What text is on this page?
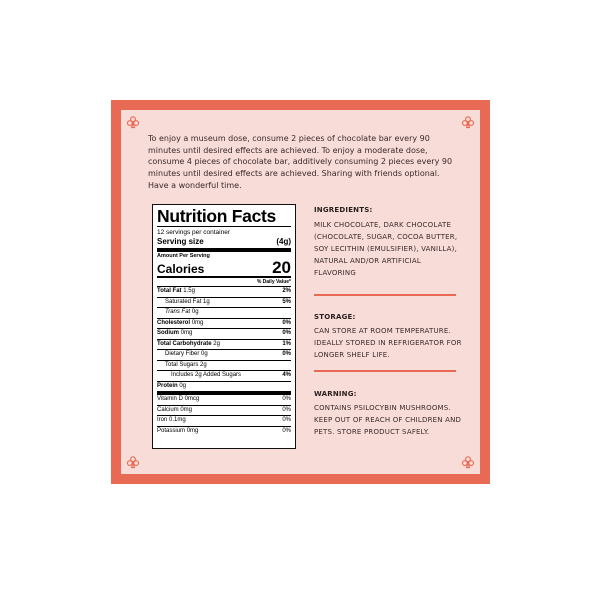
To enjoy a museum dose, consume 2 pieces of chocolate bar every 90 minutes until desired effects are achieved. To enjoy a moderate dose, consume 4 pieces of chocolate bar, additively consuming 2 pieces every 90 minutes until desired effects are achieved. Sharing with friends optional. Have a wonderful time.
Nutrition Facts
12 servings per container
Serving size	(4g)
Amount Per Serving
Calories	20
% Daily Value*
Total Fat 1.5g	2%
Saturated Fat 1g	5%
Trans Fat 0g
Cholesterol 0mg	0%
Sodium 0mg	0%
Total Carbohydrate 2g	1%
Dietary Fiber 0g	0%
Total Sugars 2g
Includes 2g Added Sugars	4%
Protein 0g
Vitamin D 0mcg	0%
Calcium 0mg	0%
Iron 0.1mg	0%
Potassium 0mg	0%
INGREDIENTS:
MILK CHOCOLATE, DARK CHOCOLATE (CHOCOLATE, SUGAR, COCOA BUTTER, SOY LECITHIN (EMULSIFIER), VANILLA), NATURAL AND/OR ARTIFICIAL FLAVORING
STORAGE:
CAN STORE AT ROOM TEMPERATURE. IDEALLY STORED IN REFRIGERATOR FOR LONGER SHELF LIFE.
WARNING:
CONTAINS PSILOCYBIN MUSHROOMS. KEEP OUT OF REACH OF CHILDREN AND PETS. STORE PRODUCT SAFELY.
